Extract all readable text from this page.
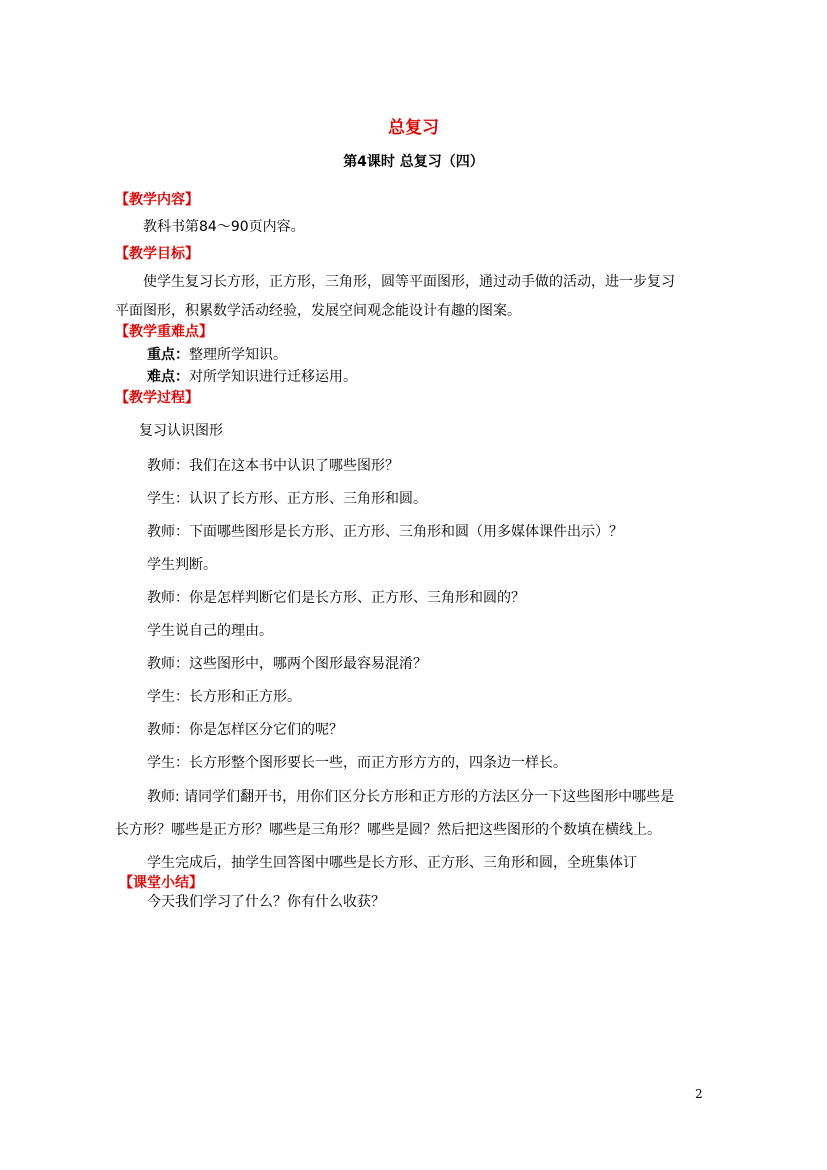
总复习
第4课时 总复习（四）
【教学内容】
教科书第84～90页内容。
【教学目标】
使学生复习长方形，正方形，三角形，圆等平面图形，通过动手做的活动，进一步复习
平面图形，积累数学活动经验，发展空间观念能设计有趣的图案。
【教学重难点】
重点：整理所学知识。
难点：对所学知识进行迁移运用。
【教学过程】
复习认识图形
教师：我们在这本书中认识了哪些图形？
学生：认识了长方形、正方形、三角形和圆。
教师：下面哪些图形是长方形、正方形、三角形和圆（用多媒体课件出示）？
学生判断。
教师：你是怎样判断它们是长方形、正方形、三角形和圆的？
学生说自己的理由。
教师：这些图形中，哪两个图形最容易混淆？
学生：长方形和正方形。
教师：你是怎样区分它们的呢？
学生：长方形整个图形要长一些，而正方形方方的，四条边一样长。
教师: 请同学们翻开书，用你们区分长方形和正方形的方法区分一下这些图形中哪些是
长方形？哪些是正方形？哪些是三角形？哪些是圆？然后把这些图形的个数填在横线上。
学生完成后，抽学生回答图中哪些是长方形、正方形、三角形和圆，全班集体订
【课堂小结】
今天我们学习了什么？你有什么收获？
2
